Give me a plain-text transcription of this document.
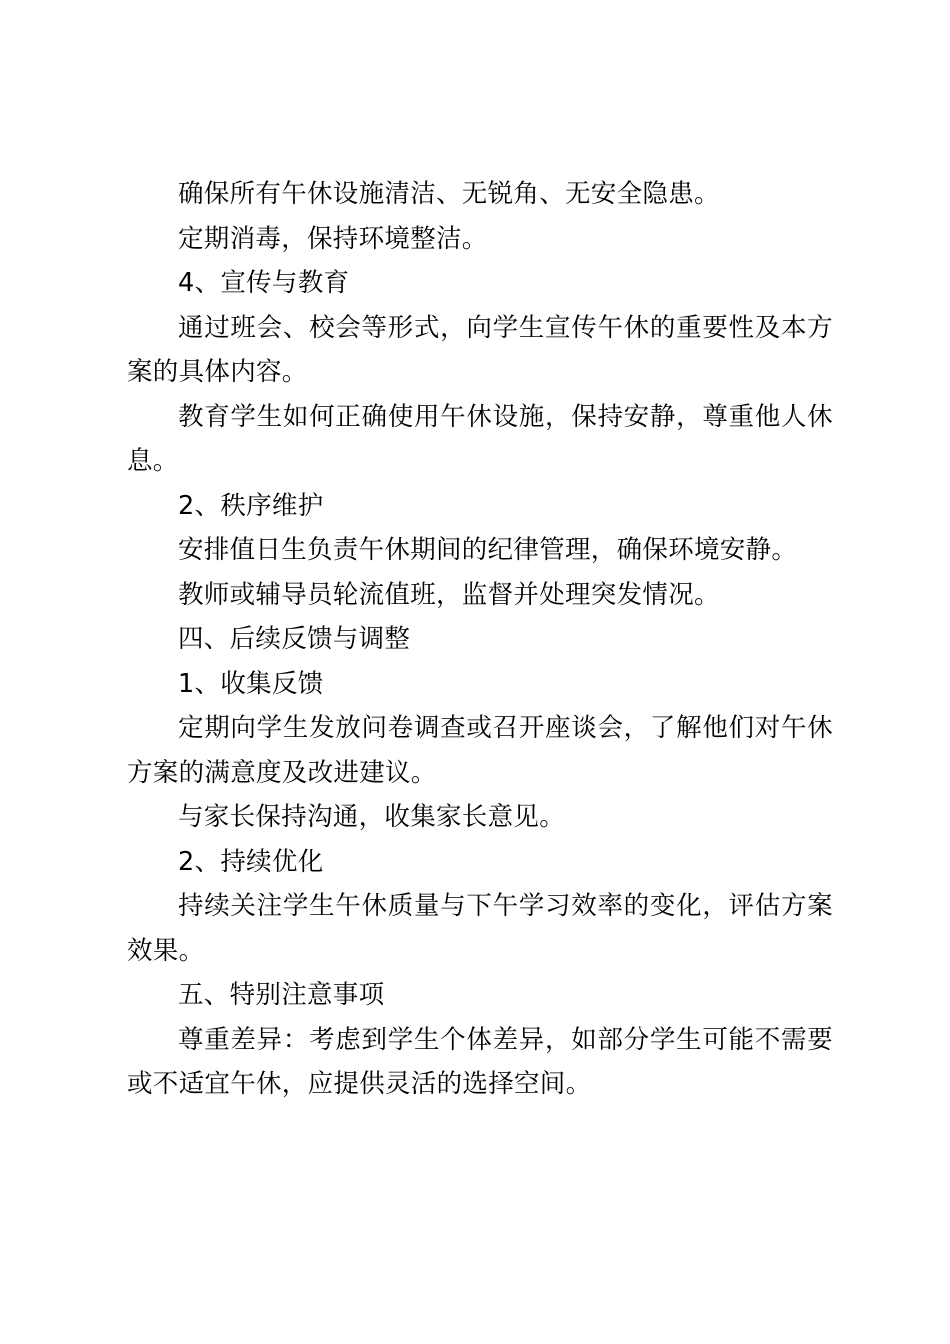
确保所有午休设施清洁、无锐角、无安全隐患。

定期消毒，保持环境整洁。

4、宣传与教育

通过班会、校会等形式，向学生宣传午休的重要性及本方案的具体内容。

教育学生如何正确使用午休设施，保持安静，尊重他人休息。

2、秩序维护

安排值日生负责午休期间的纪律管理，确保环境安静。

教师或辅导员轮流值班，监督并处理突发情况。

四、后续反馈与调整

1、收集反馈

定期向学生发放问卷调查或召开座谈会，了解他们对午休方案的满意度及改进建议。

与家长保持沟通，收集家长意见。

2、持续优化

持续关注学生午休质量与下午学习效率的变化，评估方案效果。

五、特别注意事项

尊重差异：考虑到学生个体差异，如部分学生可能不需要或不适宜午休，应提供灵活的选择空间。
